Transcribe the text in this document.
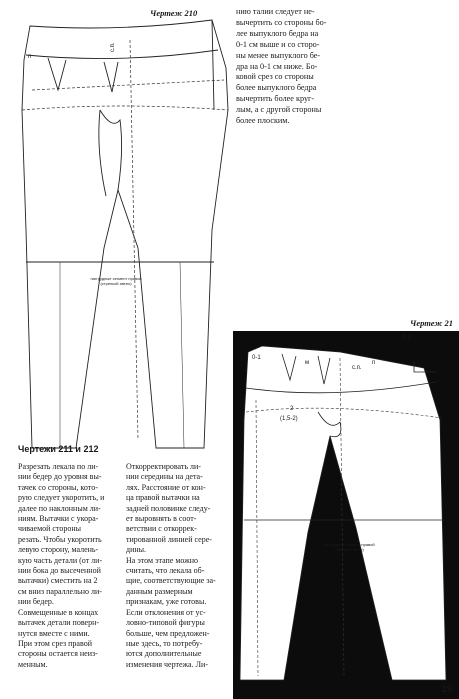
Чертеж 210
п
с.п.
наггрудные сегмент правой
(стрелкой звено)
нию талии следует не-
вычертить со стороны бо-
лее выпуклого бедра на
0-1 см выше и со сторо-
ны менее выпуклого бе-
дра на 0-1 см ниже. Бо-
ковой срез со стороны
более выпуклого бедра
вычертить более круг-
лым, а с другой стороны
более плоским.
Чертежи 211 и 212
Разрезать лекала по ли-
нии бедер до уровня вы-
тачек со стороны, кото-
рую следует укоротить, и
далее по наклонным ли-
ниям. Вытачки с укора-
чиваемой стороны
резать. Чтобы укоротить
левую сторону, малень-
кую часть детали (от ли-
нии бока до высеченной
вытачки) сместить на 2
см вниз параллельно ли-
нии бедер.
Совмещенные в концах
вытачек детали поверн-
нутся вместе с ними.
При этом срез правой
стороны остается неиз-
менным.
Откорректировать ли-
нии середины на дета-
лях. Расстояние от кон-
ца правой вытачки на
задней половинке следу-
ет выровнять в соот-
ветствии с откоррек-
тированной линией сере-
дины.
На этом этапе можно
считать, что лекала об-
щие, соответствующие за-
данным размерным
признакам, уже готовы.
Если отклонения от ус-
ловно-типовой фигуры
больше, чем предложен-
ные здесь, то потребу-
ются дополнительные
изменения чертежа. Ли-
Чертеж 21
0-1
0-1
м
с.п.
п
2
(1,5-2)
наггрудные сегмент правой
стрелкой звено)
19
